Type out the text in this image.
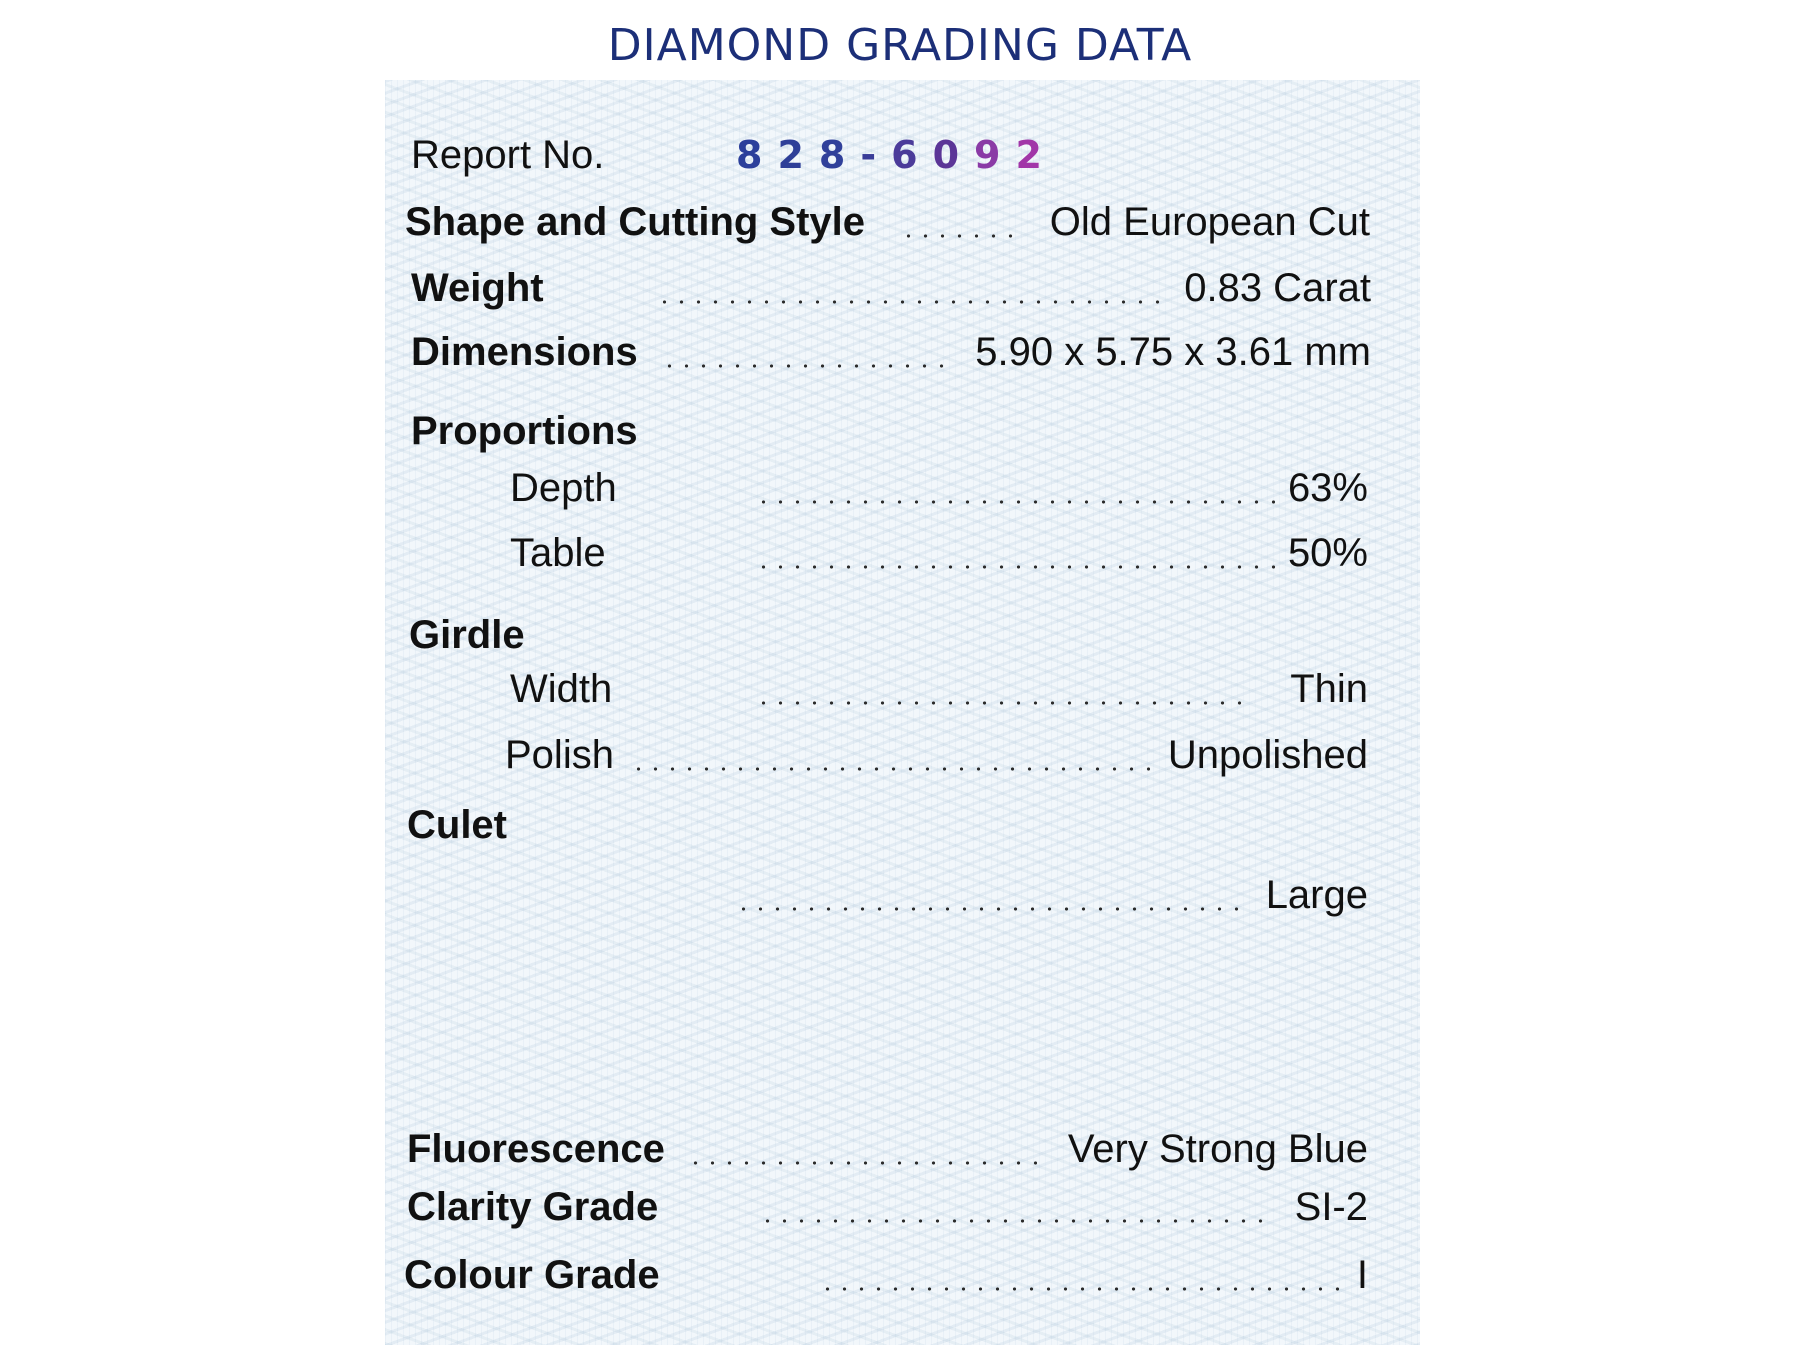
DIAMOND GRADING DATA
Report No.	828-6092
Shape and Cutting Style	Old European Cut
Weight	0.83 Carat
Dimensions	5.90 x 5.75 x 3.61 mm
Proportions
Depth	63%
Table	50%
Girdle
Width	Thin
Polish	Unpolished
Culet
Large
Fluorescence	Very Strong Blue
Clarity Grade	SI-2
Colour Grade	I
